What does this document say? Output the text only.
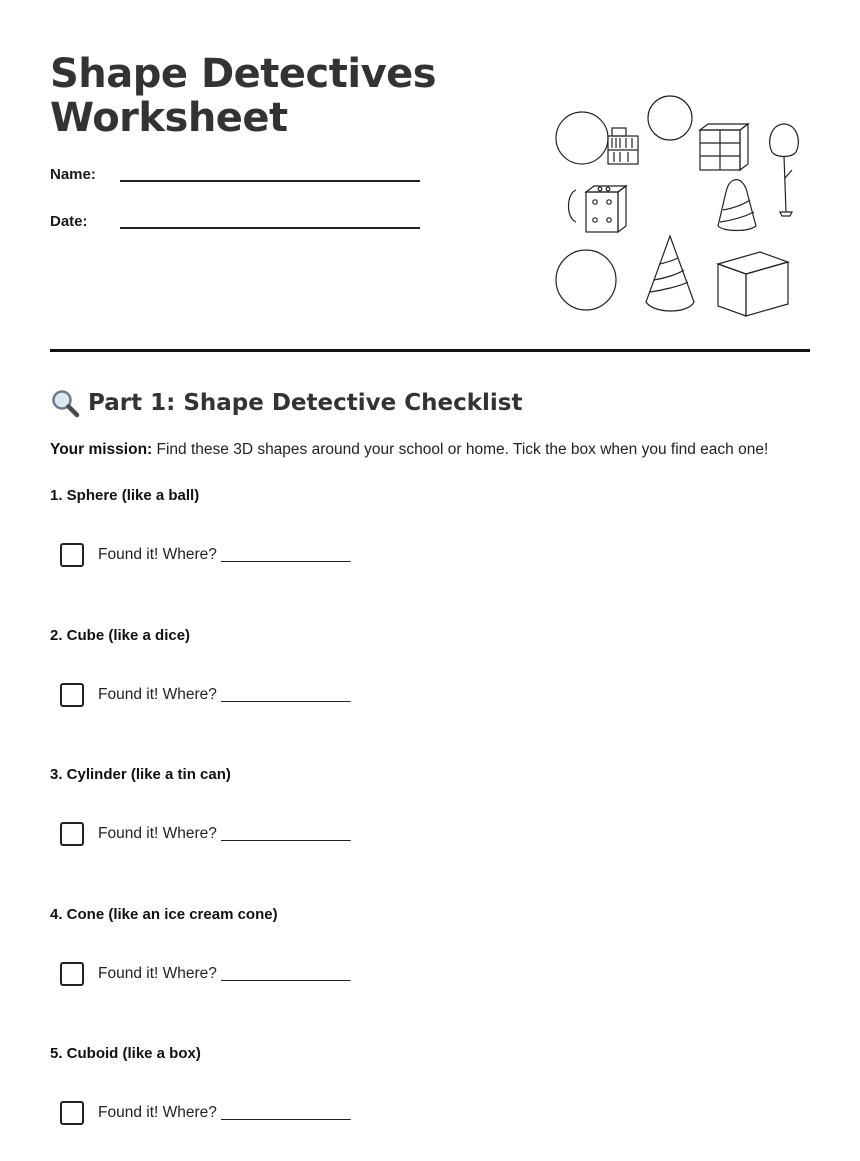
Shape Detectives
Worksheet
Name:
Date:
Part 1: Shape Detective Checklist
Your mission: Find these 3D shapes around your school or home. Tick the box when you find each one!
1. Sphere (like a ball)
Found it! Where? _______________
2. Cube (like a dice)
Found it! Where? _______________
3. Cylinder (like a tin can)
Found it! Where? _______________
4. Cone (like an ice cream cone)
Found it! Where? _______________
5. Cuboid (like a box)
Found it! Where? _______________
